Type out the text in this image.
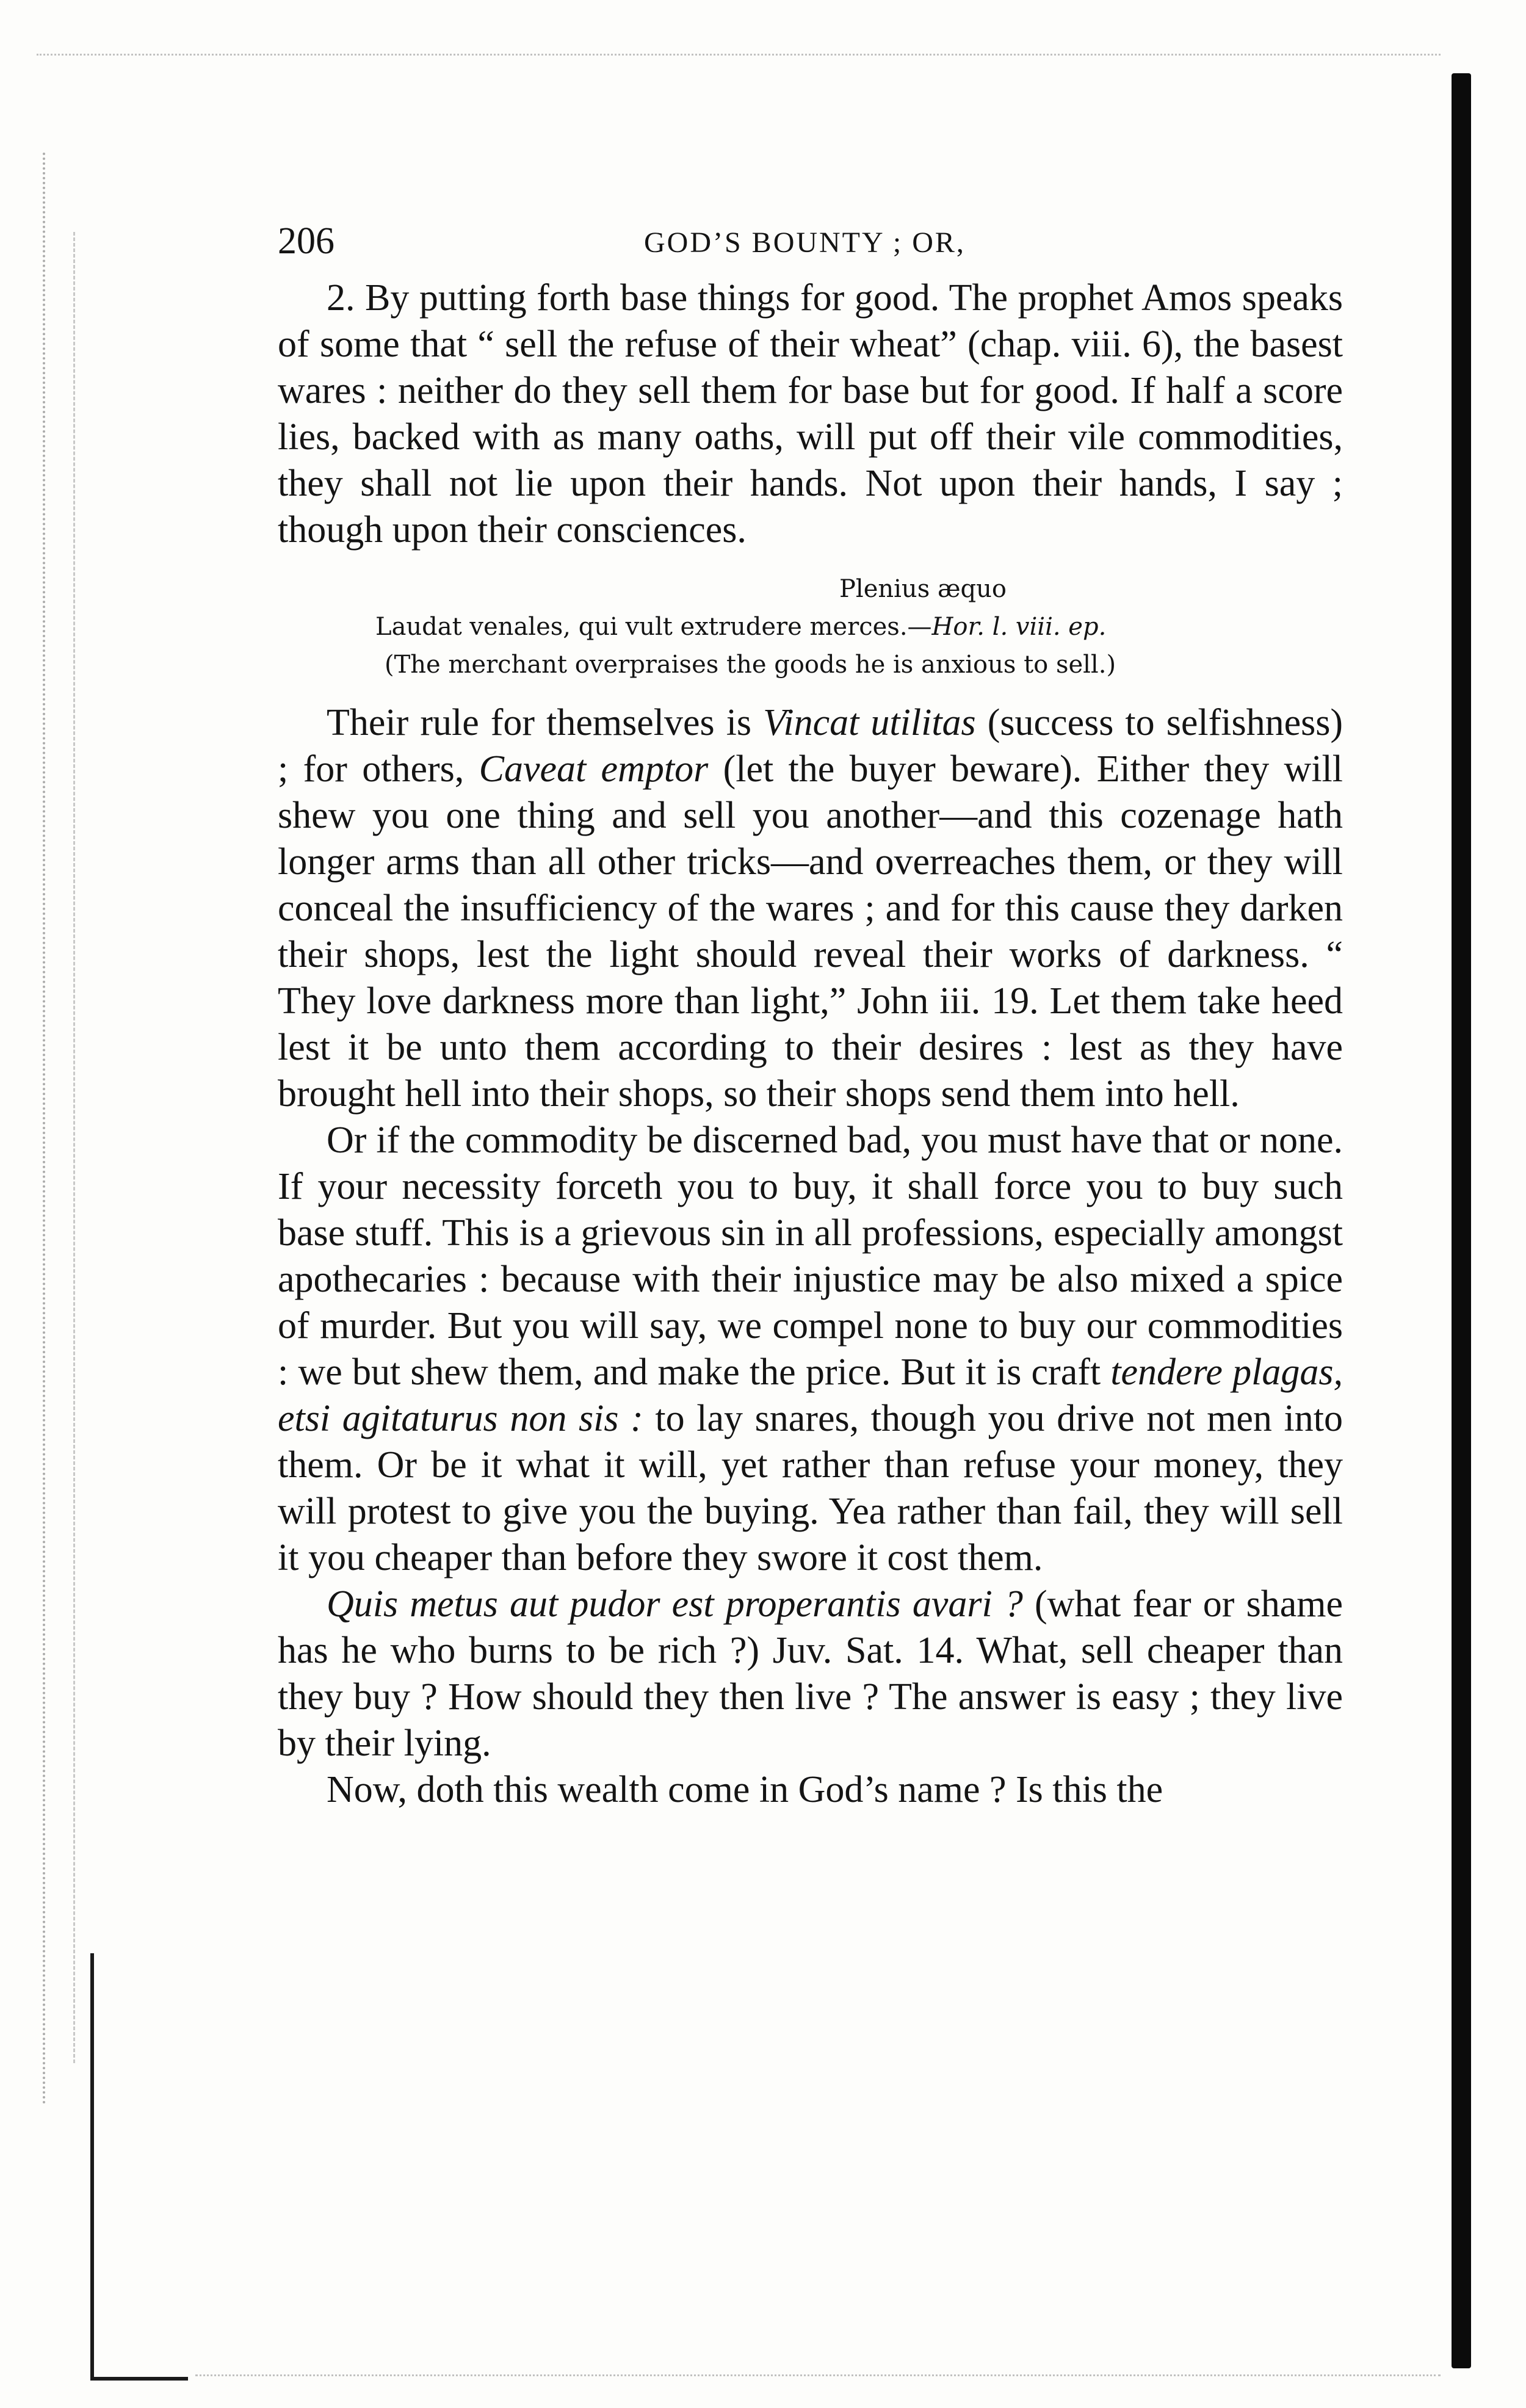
206	GOD’S BOUNTY ; OR,

2. By putting forth base things for good. The prophet Amos speaks of some that “ sell the refuse of their wheat” (chap. viii. 6), the basest wares : neither do they sell them for base but for good. If half a score lies, backed with as many oaths, will put off their vile commodities, they shall not lie upon their hands. Not upon their hands, I say ; though upon their consciences.

Plenius æquo
Laudat venales, qui vult extrudere merces.—Hor. l. viii. ep.
(The merchant overpraises the goods he is anxious to sell.)

Their rule for themselves is Vincat utilitas (success to selfishness) ; for others, Caveat emptor (let the buyer beware). Either they will shew you one thing and sell you another—and this cozenage hath longer arms than all other tricks—and overreaches them, or they will conceal the insufficiency of the wares ; and for this cause they darken their shops, lest the light should reveal their works of darkness. “ They love darkness more than light,” John iii. 19. Let them take heed lest it be unto them according to their desires : lest as they have brought hell into their shops, so their shops send them into hell.

Or if the commodity be discerned bad, you must have that or none. If your necessity forceth you to buy, it shall force you to buy such base stuff. This is a grievous sin in all professions, especially amongst apothecaries : because with their injustice may be also mixed a spice of murder. But you will say, we compel none to buy our commodities : we but shew them, and make the price. But it is craft tendere plagas, etsi agitaturus non sis : to lay snares, though you drive not men into them. Or be it what it will, yet rather than refuse your money, they will protest to give you the buying. Yea rather than fail, they will sell it you cheaper than before they swore it cost them.

Quis metus aut pudor est properantis avari ? (what fear or shame has he who burns to be rich ?) Juv. Sat. 14. What, sell cheaper than they buy ? How should they then live ? The answer is easy ; they live by their lying.

Now, doth this wealth come in God’s name ? Is this the
